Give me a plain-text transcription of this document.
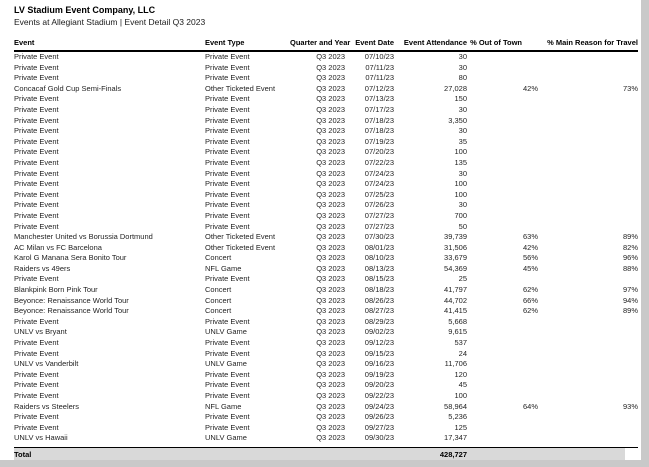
LV Stadium Event Company, LLC
Events at Allegiant Stadium | Event Detail Q3 2023
Event	Event Type	Quarter and Year	Event Date	Event Attendance	% Out of Town	% Main Reason for Travel
Private Event	Private Event	Q3 2023	07/10/23	30		
Private Event	Private Event	Q3 2023	07/11/23	30		
Private Event	Private Event	Q3 2023	07/11/23	80		
Concacaf Gold Cup Semi-Finals	Other Ticketed Event	Q3 2023	07/12/23	27,028	42%	73%
Private Event	Private Event	Q3 2023	07/13/23	150		
Private Event	Private Event	Q3 2023	07/17/23	30		
Private Event	Private Event	Q3 2023	07/18/23	3,350		
Private Event	Private Event	Q3 2023	07/18/23	30		
Private Event	Private Event	Q3 2023	07/19/23	35		
Private Event	Private Event	Q3 2023	07/20/23	100		
Private Event	Private Event	Q3 2023	07/22/23	135		
Private Event	Private Event	Q3 2023	07/24/23	30		
Private Event	Private Event	Q3 2023	07/24/23	100		
Private Event	Private Event	Q3 2023	07/25/23	100		
Private Event	Private Event	Q3 2023	07/26/23	30		
Private Event	Private Event	Q3 2023	07/27/23	700		
Private Event	Private Event	Q3 2023	07/27/23	50		
Manchester United vs Borussia Dortmund	Other Ticketed Event	Q3 2023	07/30/23	39,739	63%	89%
AC Milan vs FC Barcelona	Other Ticketed Event	Q3 2023	08/01/23	31,506	42%	82%
Karol G Manana Sera Bonito Tour	Concert	Q3 2023	08/10/23	33,679	56%	96%
Raiders vs 49ers	NFL Game	Q3 2023	08/13/23	54,369	45%	88%
Private Event	Private Event	Q3 2023	08/15/23	25		
Blankpink Born Pink Tour	Concert	Q3 2023	08/18/23	41,797	62%	97%
Beyonce: Renaissance World Tour	Concert	Q3 2023	08/26/23	44,702	66%	94%
Beyonce: Renaissance World Tour	Concert	Q3 2023	08/27/23	41,415	62%	89%
Private Event	Private Event	Q3 2023	08/29/23	5,668		
UNLV vs Bryant	UNLV Game	Q3 2023	09/02/23	9,615		
Private Event	Private Event	Q3 2023	09/12/23	537		
Private Event	Private Event	Q3 2023	09/15/23	24		
UNLV vs Vanderbilt	UNLV Game	Q3 2023	09/16/23	11,706		
Private Event	Private Event	Q3 2023	09/19/23	120		
Private Event	Private Event	Q3 2023	09/20/23	45		
Private Event	Private Event	Q3 2023	09/22/23	100		
Raiders vs Steelers	NFL Game	Q3 2023	09/24/23	58,964	64%	93%
Private Event	Private Event	Q3 2023	09/26/23	5,236		
Private Event	Private Event	Q3 2023	09/27/23	125		
UNLV vs Hawaii	UNLV Game	Q3 2023	09/30/23	17,347		

Total				428,727		
